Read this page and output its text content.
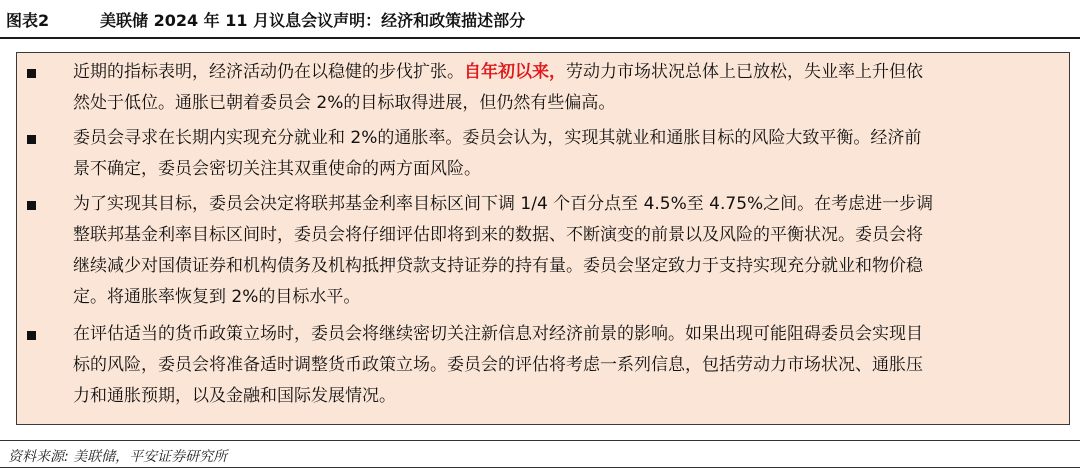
图表2	美联储 2024 年 11 月议息会议声明：经济和政策描述部分
近期的指标表明，经济活动仍在以稳健的步伐扩张。自年初以来，劳动力市场状况总体上已放松，失业率上升但依
然处于低位。通胀已朝着委员会 2%的目标取得进展，但仍然有些偏高。
委员会寻求在长期内实现充分就业和 2%的通胀率。委员会认为，实现其就业和通胀目标的风险大致平衡。经济前
景不确定，委员会密切关注其双重使命的两方面风险。
为了实现其目标，委员会决定将联邦基金利率目标区间下调 1/4 个百分点至 4.5%至 4.75%之间。在考虑进一步调
整联邦基金利率目标区间时，委员会将仔细评估即将到来的数据、不断演变的前景以及风险的平衡状况。委员会将
继续减少对国债证券和机构债务及机构抵押贷款支持证券的持有量。委员会坚定致力于支持实现充分就业和物价稳
定。将通胀率恢复到 2%的目标水平。
在评估适当的货币政策立场时，委员会将继续密切关注新信息对经济前景的影响。如果出现可能阻碍委员会实现目
标的风险，委员会将准备适时调整货币政策立场。委员会的评估将考虑一系列信息，包括劳动力市场状况、通胀压
力和通胀预期，以及金融和国际发展情况。
资料来源: 美联储，平安证券研究所
